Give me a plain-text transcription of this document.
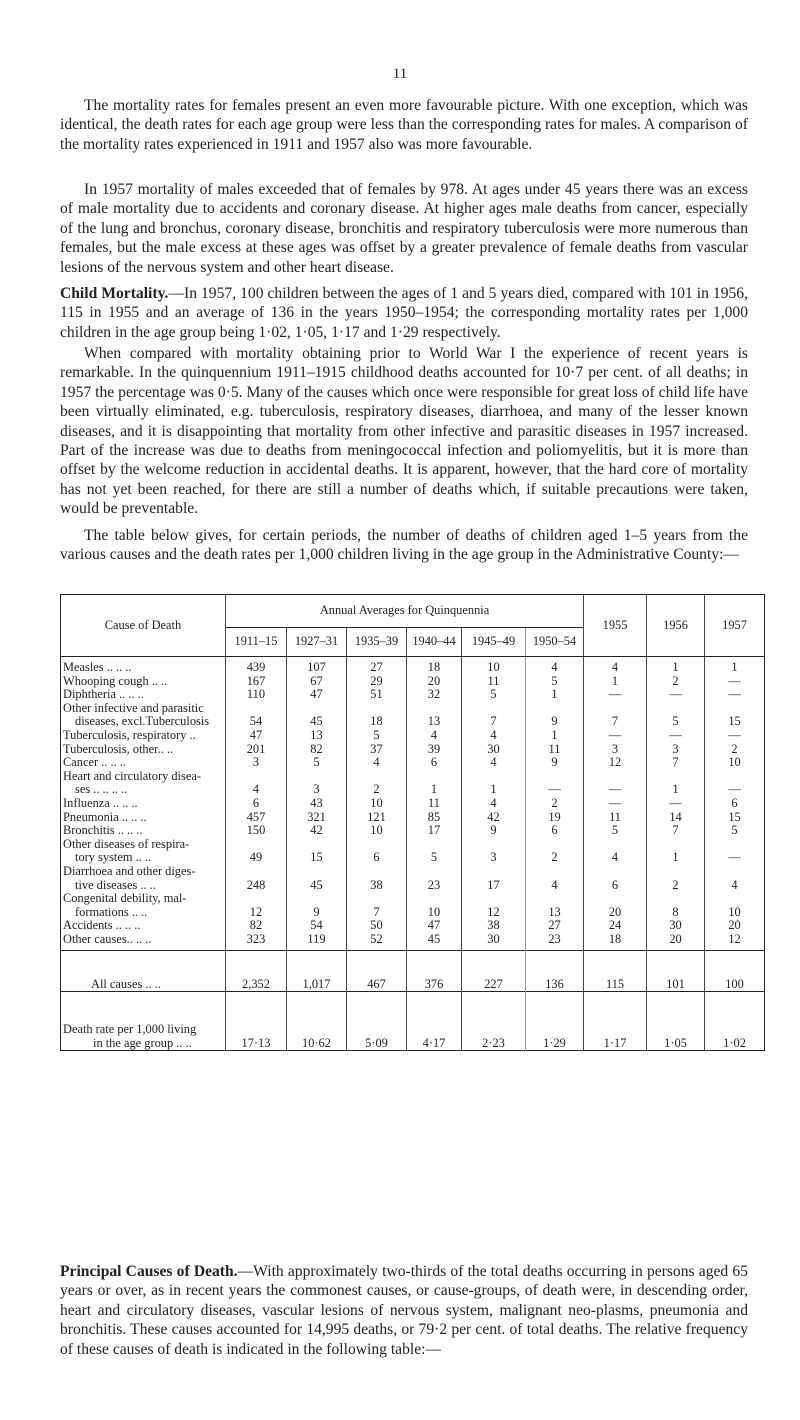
11

The mortality rates for females present an even more favourable picture. With one exception, which was identical, the death rates for each age group were less than the corresponding rates for males. A comparison of the mortality rates experienced in 1911 and 1957 also was more favourable.

In 1957 mortality of males exceeded that of females by 978. At ages under 45 years there was an excess of male mortality due to accidents and coronary disease. At higher ages male deaths from cancer, especially of the lung and bronchus, coronary disease, bronchitis and respiratory tuberculosis were more numerous than females, but the male excess at these ages was offset by a greater prevalence of female deaths from vascular lesions of the nervous system and other heart disease.

Child Mortality.—In 1957, 100 children between the ages of 1 and 5 years died, compared with 101 in 1956, 115 in 1955 and an average of 136 in the years 1950–1954; the corresponding mortality rates per 1,000 children in the age group being 1·02, 1·05, 1·17 and 1·29 respectively.

When compared with mortality obtaining prior to World War I the experience of recent years is remarkable. In the quinquennium 1911–1915 childhood deaths accounted for 10·7 per cent. of all deaths; in 1957 the percentage was 0·5. Many of the causes which once were responsible for great loss of child life have been virtually eliminated, e.g. tuberculosis, respiratory diseases, diarrhoea, and many of the lesser known diseases, and it is disappointing that mortality from other infective and parasitic diseases in 1957 increased. Part of the increase was due to deaths from meningococcal infection and poliomyelitis, but it is more than offset by the welcome reduction in accidental deaths. It is apparent, however, that the hard core of mortality has not yet been reached, for there are still a number of deaths which, if suitable precautions were taken, would be preventable.

The table below gives, for certain periods, the number of deaths of children aged 1–5 years from the various causes and the death rates per 1,000 children living in the age group in the Administrative County:—

Cause of Death	Annual Averages for Quinquennia						1955	1956	1957
	1911–15	1927–31	1935–39	1940–44	1945–49	1950–54			

Measles .. .. ..	439	107	27	18	10	4	4	1	1

Whooping cough .. ..	167	67	29	20	11	5	1	2	—

Diphtheria .. .. ..	110	47	51	32	5	1	—	—	—

Other infective and parasitic
diseases, excl.Tuberculosis	54	45	18	13	7	9	7	5	15

Tuberculosis, respiratory ..	47	13	5	4	4	1	—	—	—

Tuberculosis, other.. ..	201	82	37	39	30	11	3	3	2

Cancer .. .. ..	3	5	4	6	4	9	12	7	10

Heart and circulatory disea-
ses .. .. .. ..	4	3	2	1	1	—	—	1	—

Influenza .. .. ..	6	43	10	11	4	2	—	—	6

Pneumonia .. .. ..	457	321	121	85	42	19	11	14	15

Bronchitis .. .. ..	150	42	10	17	9	6	5	7	5

Other diseases of respira-
tory system .. ..	49	15	6	5	3	2	4	1	—

Diarrhoea and other diges-
tive diseases .. ..	248	45	38	23	17	4	6	2	4

Congenital debility, mal-
formations .. ..	12	9	7	10	12	13	20	8	10

Accidents .. .. ..	82	54	50	47	38	27	24	30	20

Other causes.. .. ..	323	119	52	45	30	23	18	20	12

All causes .. ..	2,352	1,017	467	376	227	136	115	101	100

Death rate per 1,000 living
in the age group .. ..	17·13	10·62	5·09	4·17	2·23	1·29	1·17	1·05	1·02

Principal Causes of Death.—With approximately two-thirds of the total deaths occurring in persons aged 65 years or over, as in recent years the commonest causes, or cause-groups, of death were, in descending order, heart and circulatory diseases, vascular lesions of nervous system, malignant neo-plasms, pneumonia and bronchitis. These causes accounted for 14,995 deaths, or 79·2 per cent. of total deaths. The relative frequency of these causes of death is indicated in the following table:—
